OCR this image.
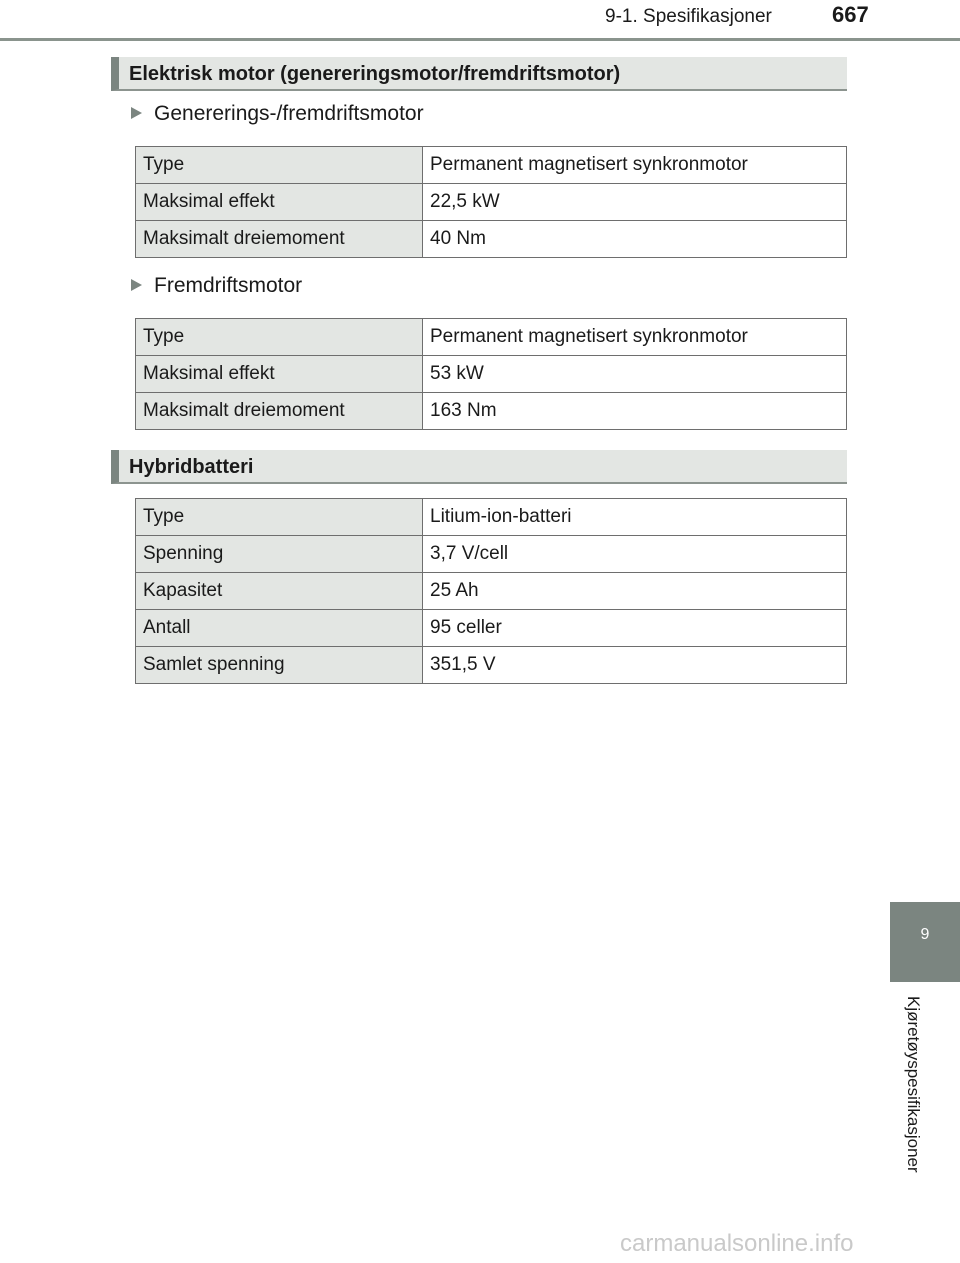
9-1. Spesifikasjoner	667
Elektrisk motor (genereringsmotor/fremdriftsmotor)
Genererings-/fremdriftsmotor
Type	Permanent magnetisert synkronmotor
Maksimal effekt	22,5 kW
Maksimalt dreiemoment	40 Nm
Fremdriftsmotor
Type	Permanent magnetisert synkronmotor
Maksimal effekt	53 kW
Maksimalt dreiemoment	163 Nm
Hybridbatteri
Type	Litium-ion-batteri
Spenning	3,7 V/cell
Kapasitet	25 Ah
Antall	95 celler
Samlet spenning	351,5 V
9
Kjøretøyspesifikasjoner
carmanualsonline.info
